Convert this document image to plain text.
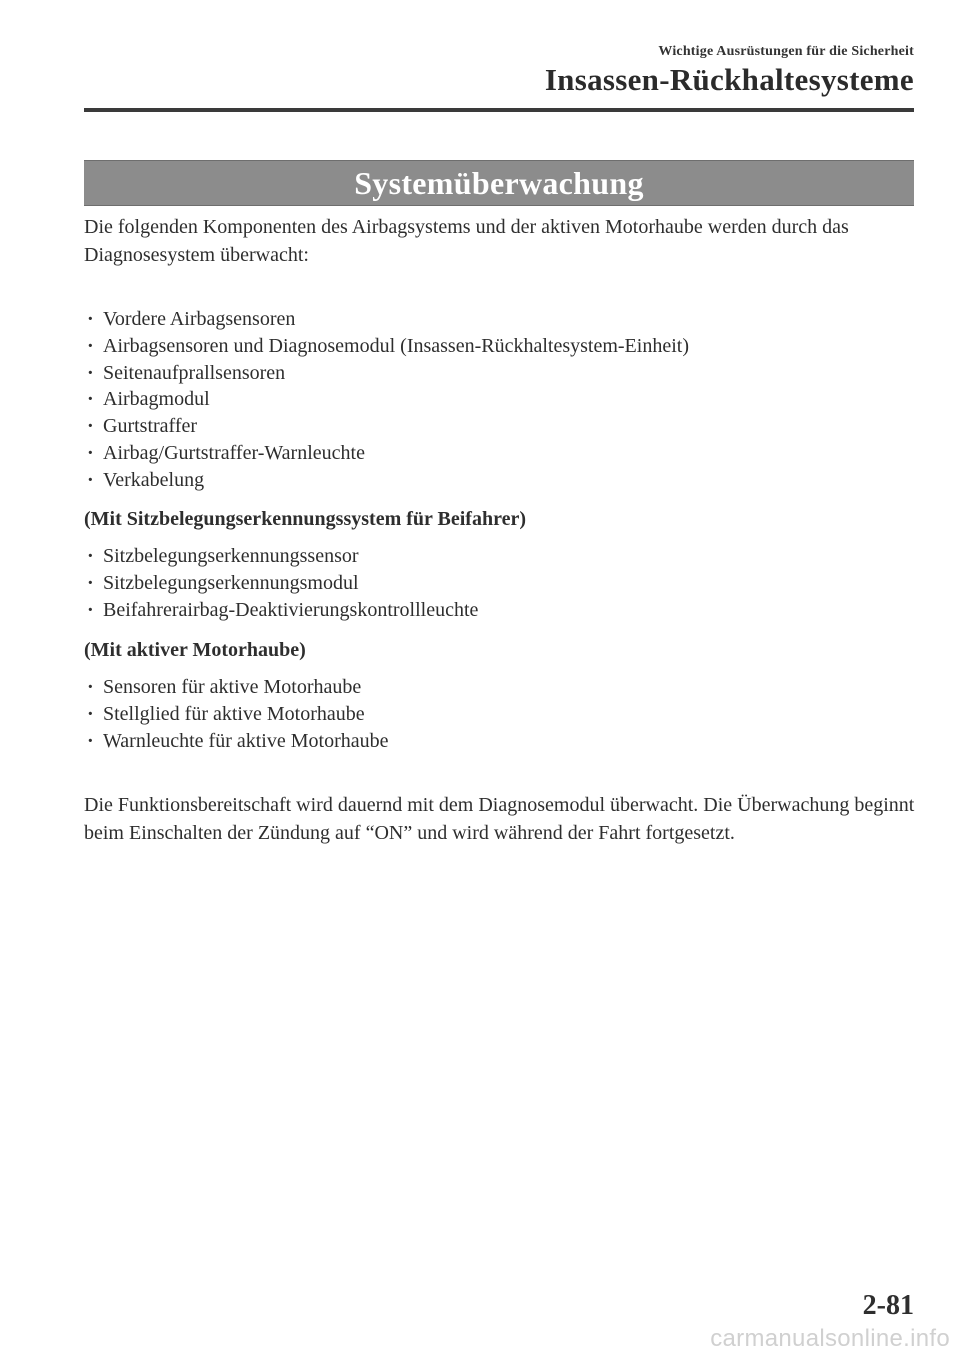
Wichtige Ausrüstungen für die Sicherheit
Insassen-Rückhaltesysteme
Systemüberwachung
Die folgenden Komponenten des Airbagsystems und der aktiven Motorhaube werden durch das Diagnosesystem überwacht:
· Vordere Airbagsensoren
· Airbagsensoren und Diagnosemodul (Insassen-Rückhaltesystem-Einheit)
· Seitenaufprallsensoren
· Airbagmodul
· Gurtstraffer
· Airbag/Gurtstraffer-Warnleuchte
· Verkabelung
(Mit Sitzbelegungserkennungssystem für Beifahrer)
· Sitzbelegungserkennungssensor
· Sitzbelegungserkennungsmodul
· Beifahrerairbag-Deaktivierungskontrollleuchte
(Mit aktiver Motorhaube)
· Sensoren für aktive Motorhaube
· Stellglied für aktive Motorhaube
· Warnleuchte für aktive Motorhaube
Die Funktionsbereitschaft wird dauernd mit dem Diagnosemodul überwacht. Die Überwachung beginnt beim Einschalten der Zündung auf “ON” und wird während der Fahrt fortgesetzt.
2-81
carmanualsonline.info
